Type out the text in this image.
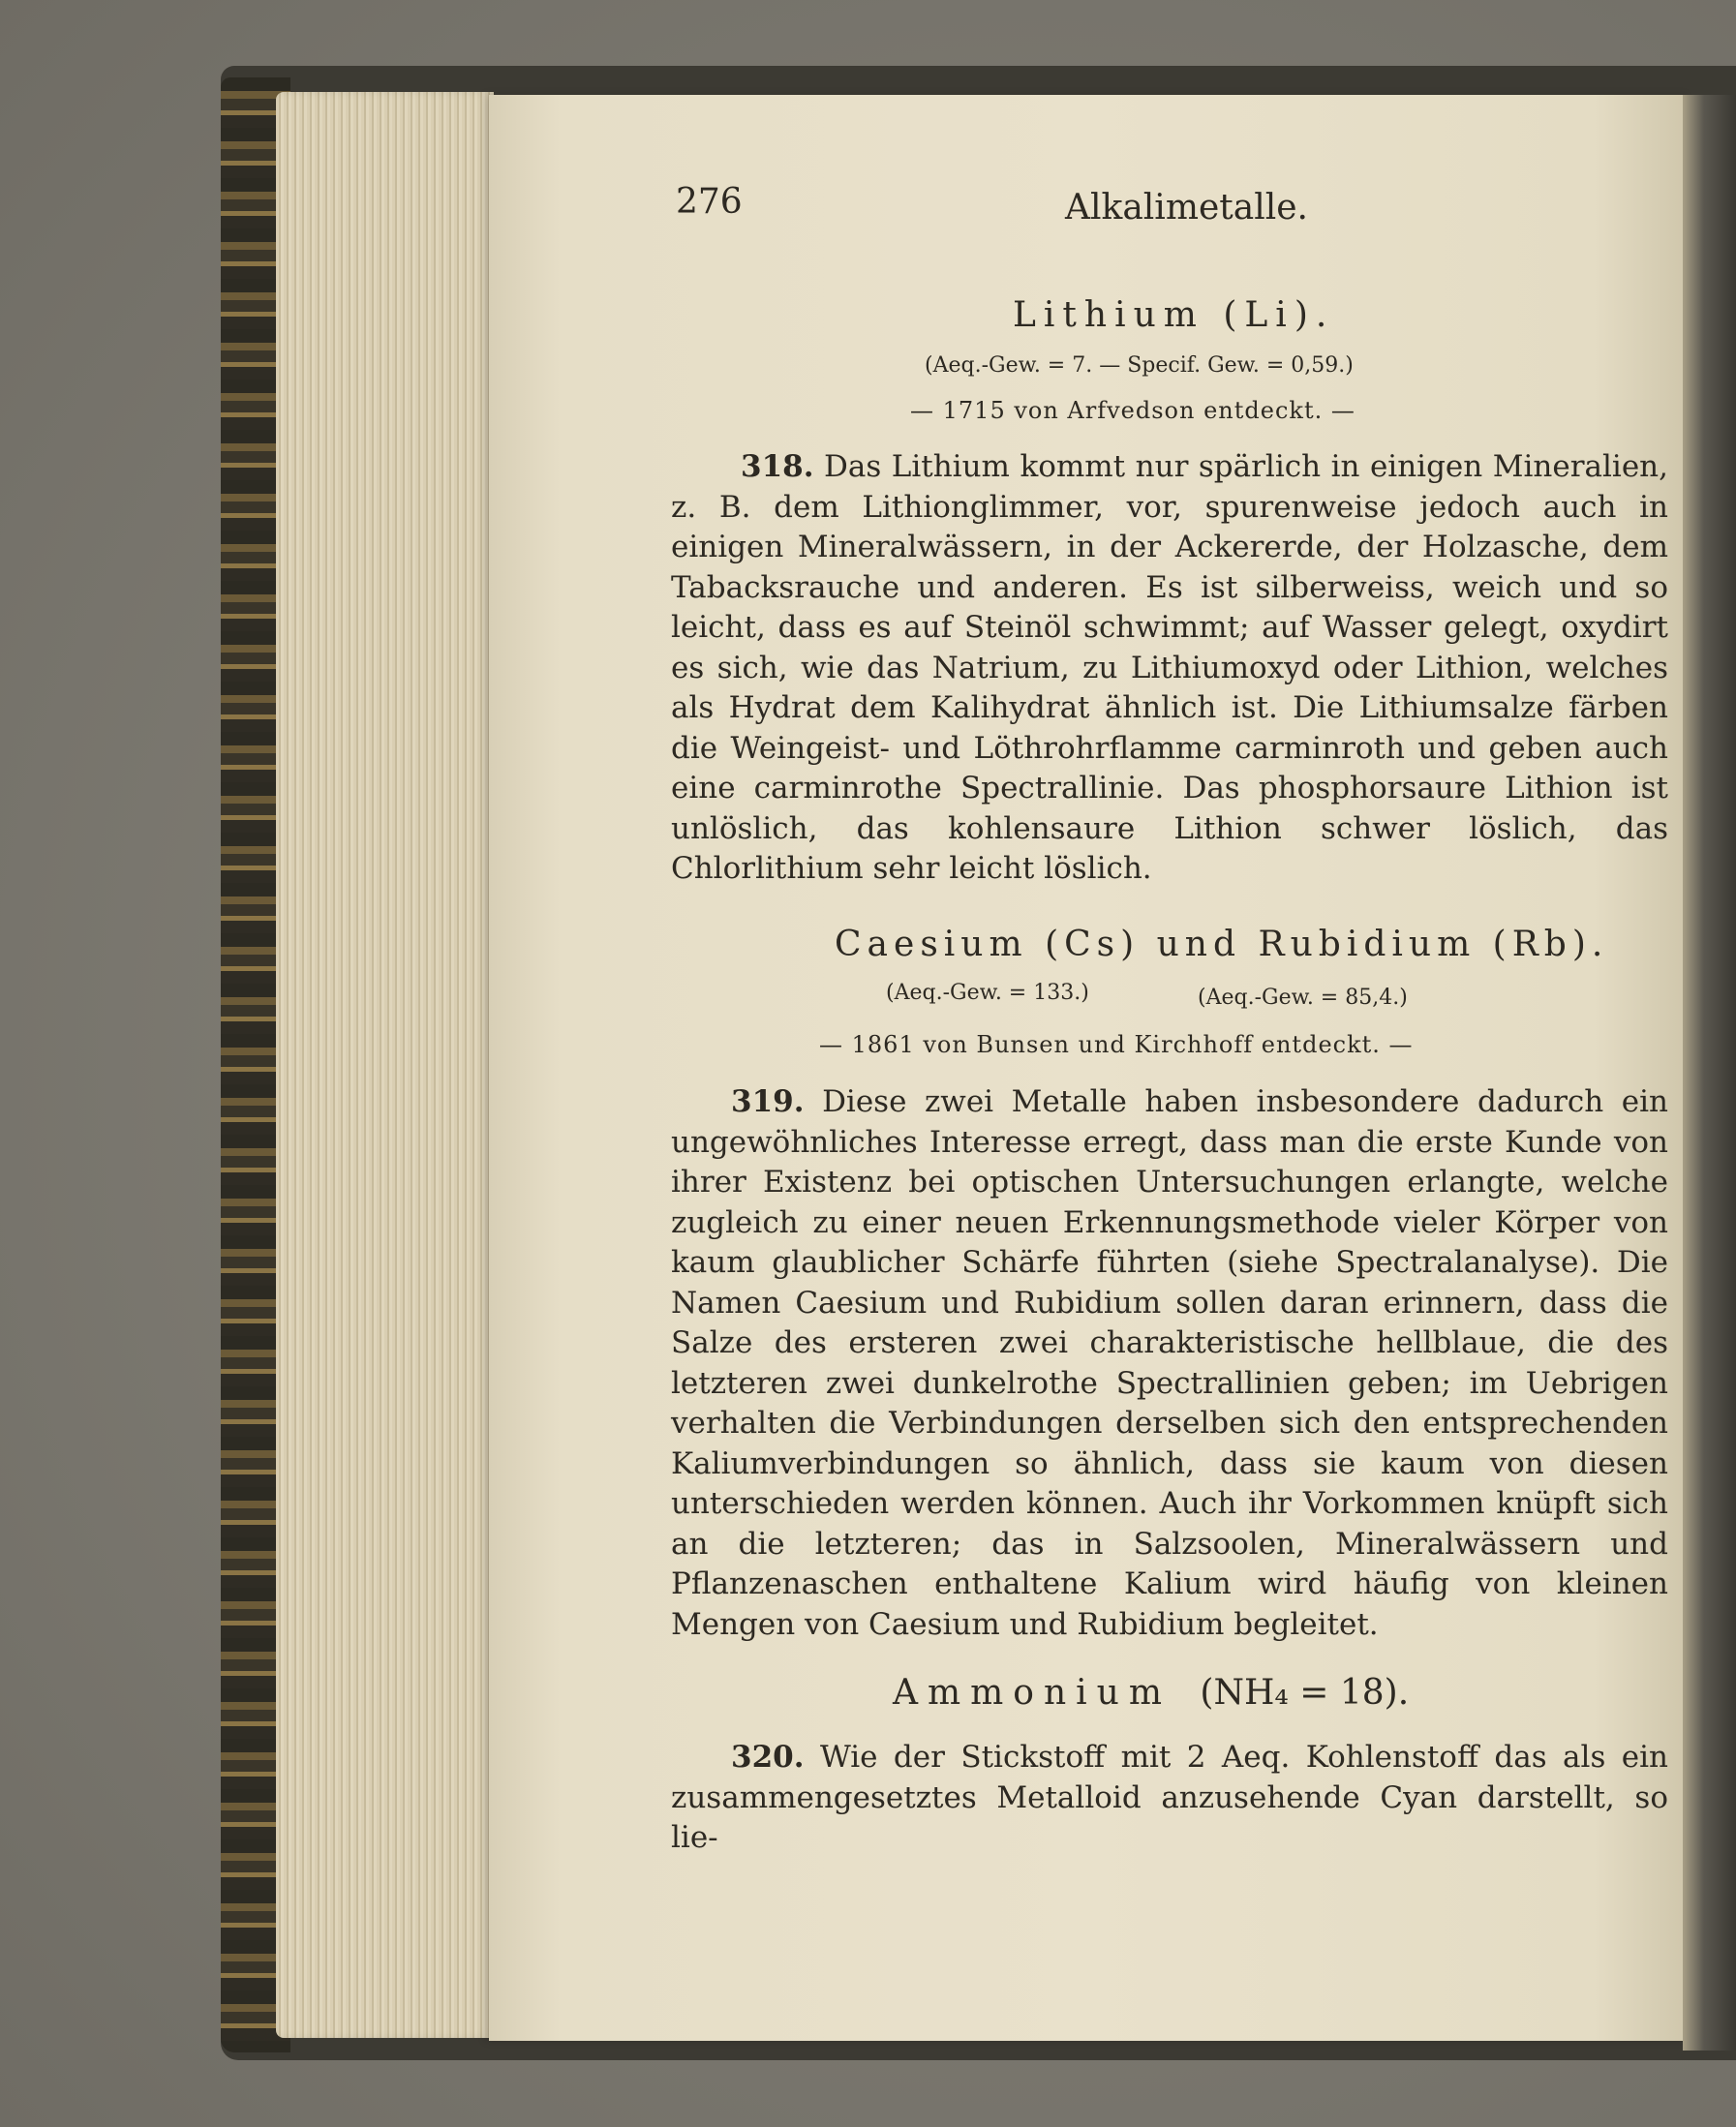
276	Alkalimetalle.
Lithium (Li).
(Aeq.-Gew. = 7. — Specif. Gew. = 0,59.)
— 1715 von Arfvedson entdeckt. —
318. Das Lithium kommt nur spärlich in einigen Mineralien, z. B. dem Lithionglimmer, vor, spurenweise jedoch auch in einigen Mineralwässern, in der Ackererde, der Holzasche, dem Tabacksrauche und anderen. Es ist silberweiss, weich und so leicht, dass es auf Steinöl schwimmt; auf Wasser gelegt, oxydirt es sich, wie das Natrium, zu Lithiumoxyd oder Lithion, welches als Hydrat dem Kalihydrat ähnlich ist. Die Lithiumsalze färben die Weingeist- und Löthrohrflamme carminroth und geben auch eine carminrothe Spectrallinie. Das phosphorsaure Lithion ist unlöslich, das kohlensaure Lithion schwer löslich, das Chlorlithium sehr leicht löslich.
Caesium (Cs) und Rubidium (Rb).
(Aeq.-Gew. = 133.)	(Aeq.-Gew. = 85,4.)
— 1861 von Bunsen und Kirchhoff entdeckt. —
319. Diese zwei Metalle haben insbesondere dadurch ein ungewöhnliches Interesse erregt, dass man die erste Kunde von ihrer Existenz bei optischen Untersuchungen erlangte, welche zugleich zu einer neuen Erkennungsmethode vieler Körper von kaum glaublicher Schärfe führten (siehe Spectralanalyse). Die Namen Caesium und Rubidium sollen daran erinnern, dass die Salze des ersteren zwei charakteristische hellblaue, die des letzteren zwei dunkelrothe Spectrallinien geben; im Uebrigen verhalten die Verbindungen derselben sich den entsprechenden Kaliumverbindungen so ähnlich, dass sie kaum von diesen unterschieden werden können. Auch ihr Vorkommen knüpft sich an die letzteren; das in Salzsoolen, Mineralwässern und Pflanzenaschen enthaltene Kalium wird häufig von kleinen Mengen von Caesium und Rubidium begleitet.
Ammonium (NH₄ = 18).
320. Wie der Stickstoff mit 2 Aeq. Kohlenstoff das als ein zusammengesetztes Metalloid anzusehende Cyan darstellt, so lie-
